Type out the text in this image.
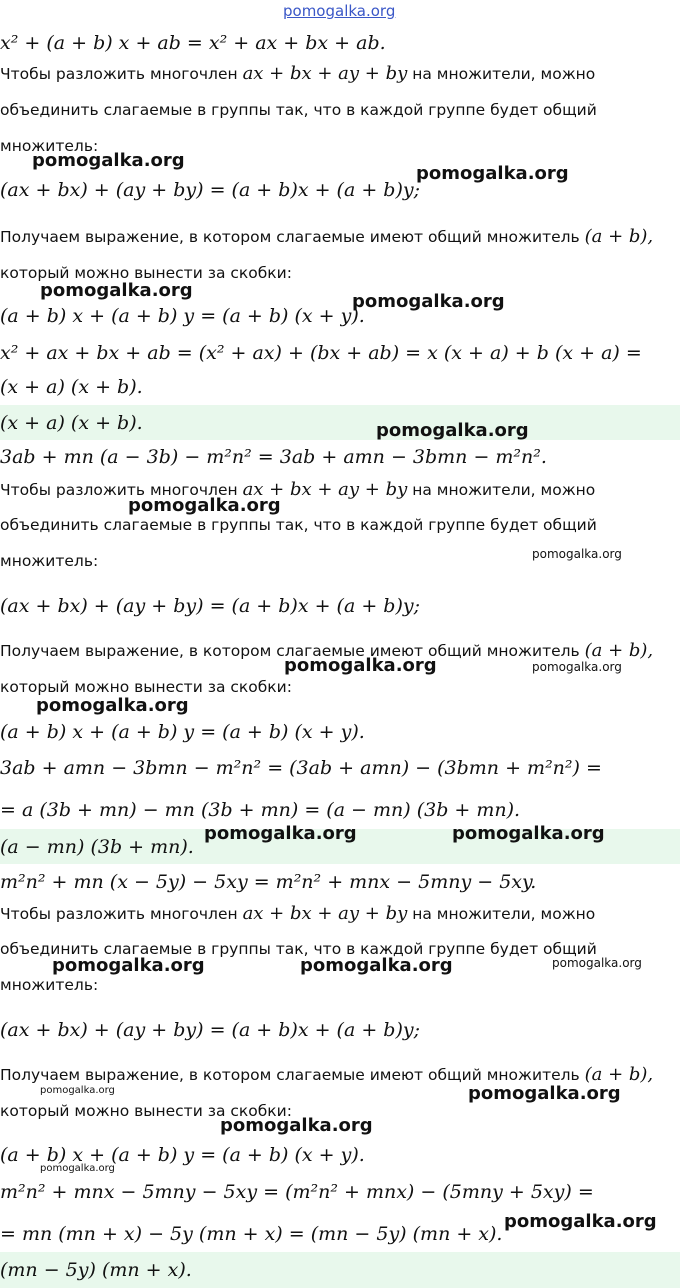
x² + (a + b) x + ab = x² + ax + bx + ab.
Чтобы разложить многочлен ax + bx + ay + by на множители, можно
объединить слагаемые в группы так, что в каждой группе будет общий
множитель:
(ax + bx) + (ay + by) = (a + b)x + (a + b)y;
Получаем выражение, в котором слагаемые имеют общий множитель (a + b),
который можно вынести за скобки:
(a + b) x + (a + b) y = (a + b) (x + y).
x² + ax + bx + ab = (x² + ax) + (bx + ab) = x (x + a) + b (x + a) =
(x + a) (x + b).
(x + a) (x + b).
3ab + mn (a − 3b) − m²n² = 3ab + amn − 3bmn − m²n².
Чтобы разложить многочлен ax + bx + ay + by на множители, можно
объединить слагаемые в группы так, что в каждой группе будет общий
множитель:
(ax + bx) + (ay + by) = (a + b)x + (a + b)y;
Получаем выражение, в котором слагаемые имеют общий множитель (a + b),
который можно вынести за скобки:
(a + b) x + (a + b) y = (a + b) (x + y).
3ab + amn − 3bmn − m²n² = (3ab + amn) − (3bmn + m²n²) =
= a (3b + mn) − mn (3b + mn) = (a − mn) (3b + mn).
(a − mn) (3b + mn).
m²n² + mn (x − 5y) − 5xy = m²n² + mnx − 5mny − 5xy.
Чтобы разложить многочлен ax + bx + ay + by на множители, можно
объединить слагаемые в группы так, что в каждой группе будет общий
множитель:
(ax + bx) + (ay + by) = (a + b)x + (a + b)y;
Получаем выражение, в котором слагаемые имеют общий множитель (a + b),
который можно вынести за скобки:
(a + b) x + (a + b) y = (a + b) (x + y).
m²n² + mnx − 5mny − 5xy = (m²n² + mnx) − (5mny + 5xy) =
= mn (mn + x) − 5y (mn + x) = (mn − 5y) (mn + x).
(mn − 5y) (mn + x).
pomogalka.org
pomogalka.org
pomogalka.org
pomogalka.org
pomogalka.org
pomogalka.org
pomogalka.org
pomogalka.org
pomogalka.org	pomogalka.org
pomogalka.org
pomogalka.org	pomogalka.org
pomogalka.org	pomogalka.org	pomogalka.org
pomogalka.org	pomogalka.org
pomogalka.org
pomogalka.org
pomogalka.org
